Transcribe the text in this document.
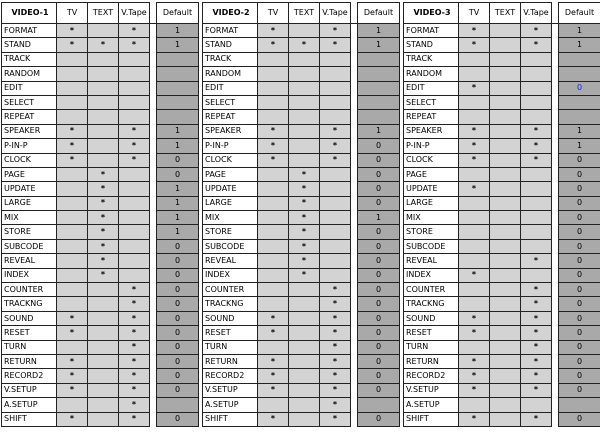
VIDEO-1	TV	TEXT	V.Tape		Default
FORMAT	*		*		1
STAND	*	*	*		1
TRACK					
RANDOM					
EDIT					
SELECT					
REPEAT					
SPEAKER	*		*		1
P-IN-P	*		*		1
CLOCK	*		*		0
PAGE		*			0
UPDATE		*			1
LARGE		*			1
MIX		*			1
STORE		*			1
SUBCODE		*			0
REVEAL		*			0
INDEX		*			0
COUNTER			*		0
TRACKNG			*		0
SOUND	*		*		0
RESET	*		*		0
TURN			*		0
RETURN	*		*		0
RECORD2	*		*		0
V.SETUP	*		*		0
A.SETUP			*		
SHIFT	*		*		0
VIDEO-2	TV	TEXT	V.Tape		Default
FORMAT	*		*		1
STAND	*	*	*		1
TRACK					
RANDOM					
EDIT					
SELECT					
REPEAT					
SPEAKER	*		*		1
P-IN-P	*		*		0
CLOCK	*		*		0
PAGE		*			0
UPDATE		*			0
LARGE		*			0
MIX		*			1
STORE		*			0
SUBCODE		*			0
REVEAL		*			0
INDEX		*			0
COUNTER			*		0
TRACKNG			*		0
SOUND	*		*		0
RESET	*		*		0
TURN			*		0
RETURN	*		*		0
RECORD2	*		*		0
V.SETUP	*		*		0
A.SETUP			*		
SHIFT	*		*		0
VIDEO-3	TV	TEXT	V.Tape		Default
FORMAT	*		*		1
STAND	*		*		1
TRACK					
RANDOM					
EDIT	*				0
SELECT					
REPEAT					
SPEAKER	*		*		1
P-IN-P	*		*		1
CLOCK	*		*		0
PAGE					0
UPDATE	*				0
LARGE					0
MIX					0
STORE					0
SUBCODE					0
REVEAL			*		0
INDEX	*				0
COUNTER			*		0
TRACKNG			*		0
SOUND	*		*		0
RESET	*		*		0
TURN			*		0
RETURN	*		*		0
RECORD2	*		*		0
V.SETUP	*		*		0
A.SETUP					
SHIFT	*		*		0
